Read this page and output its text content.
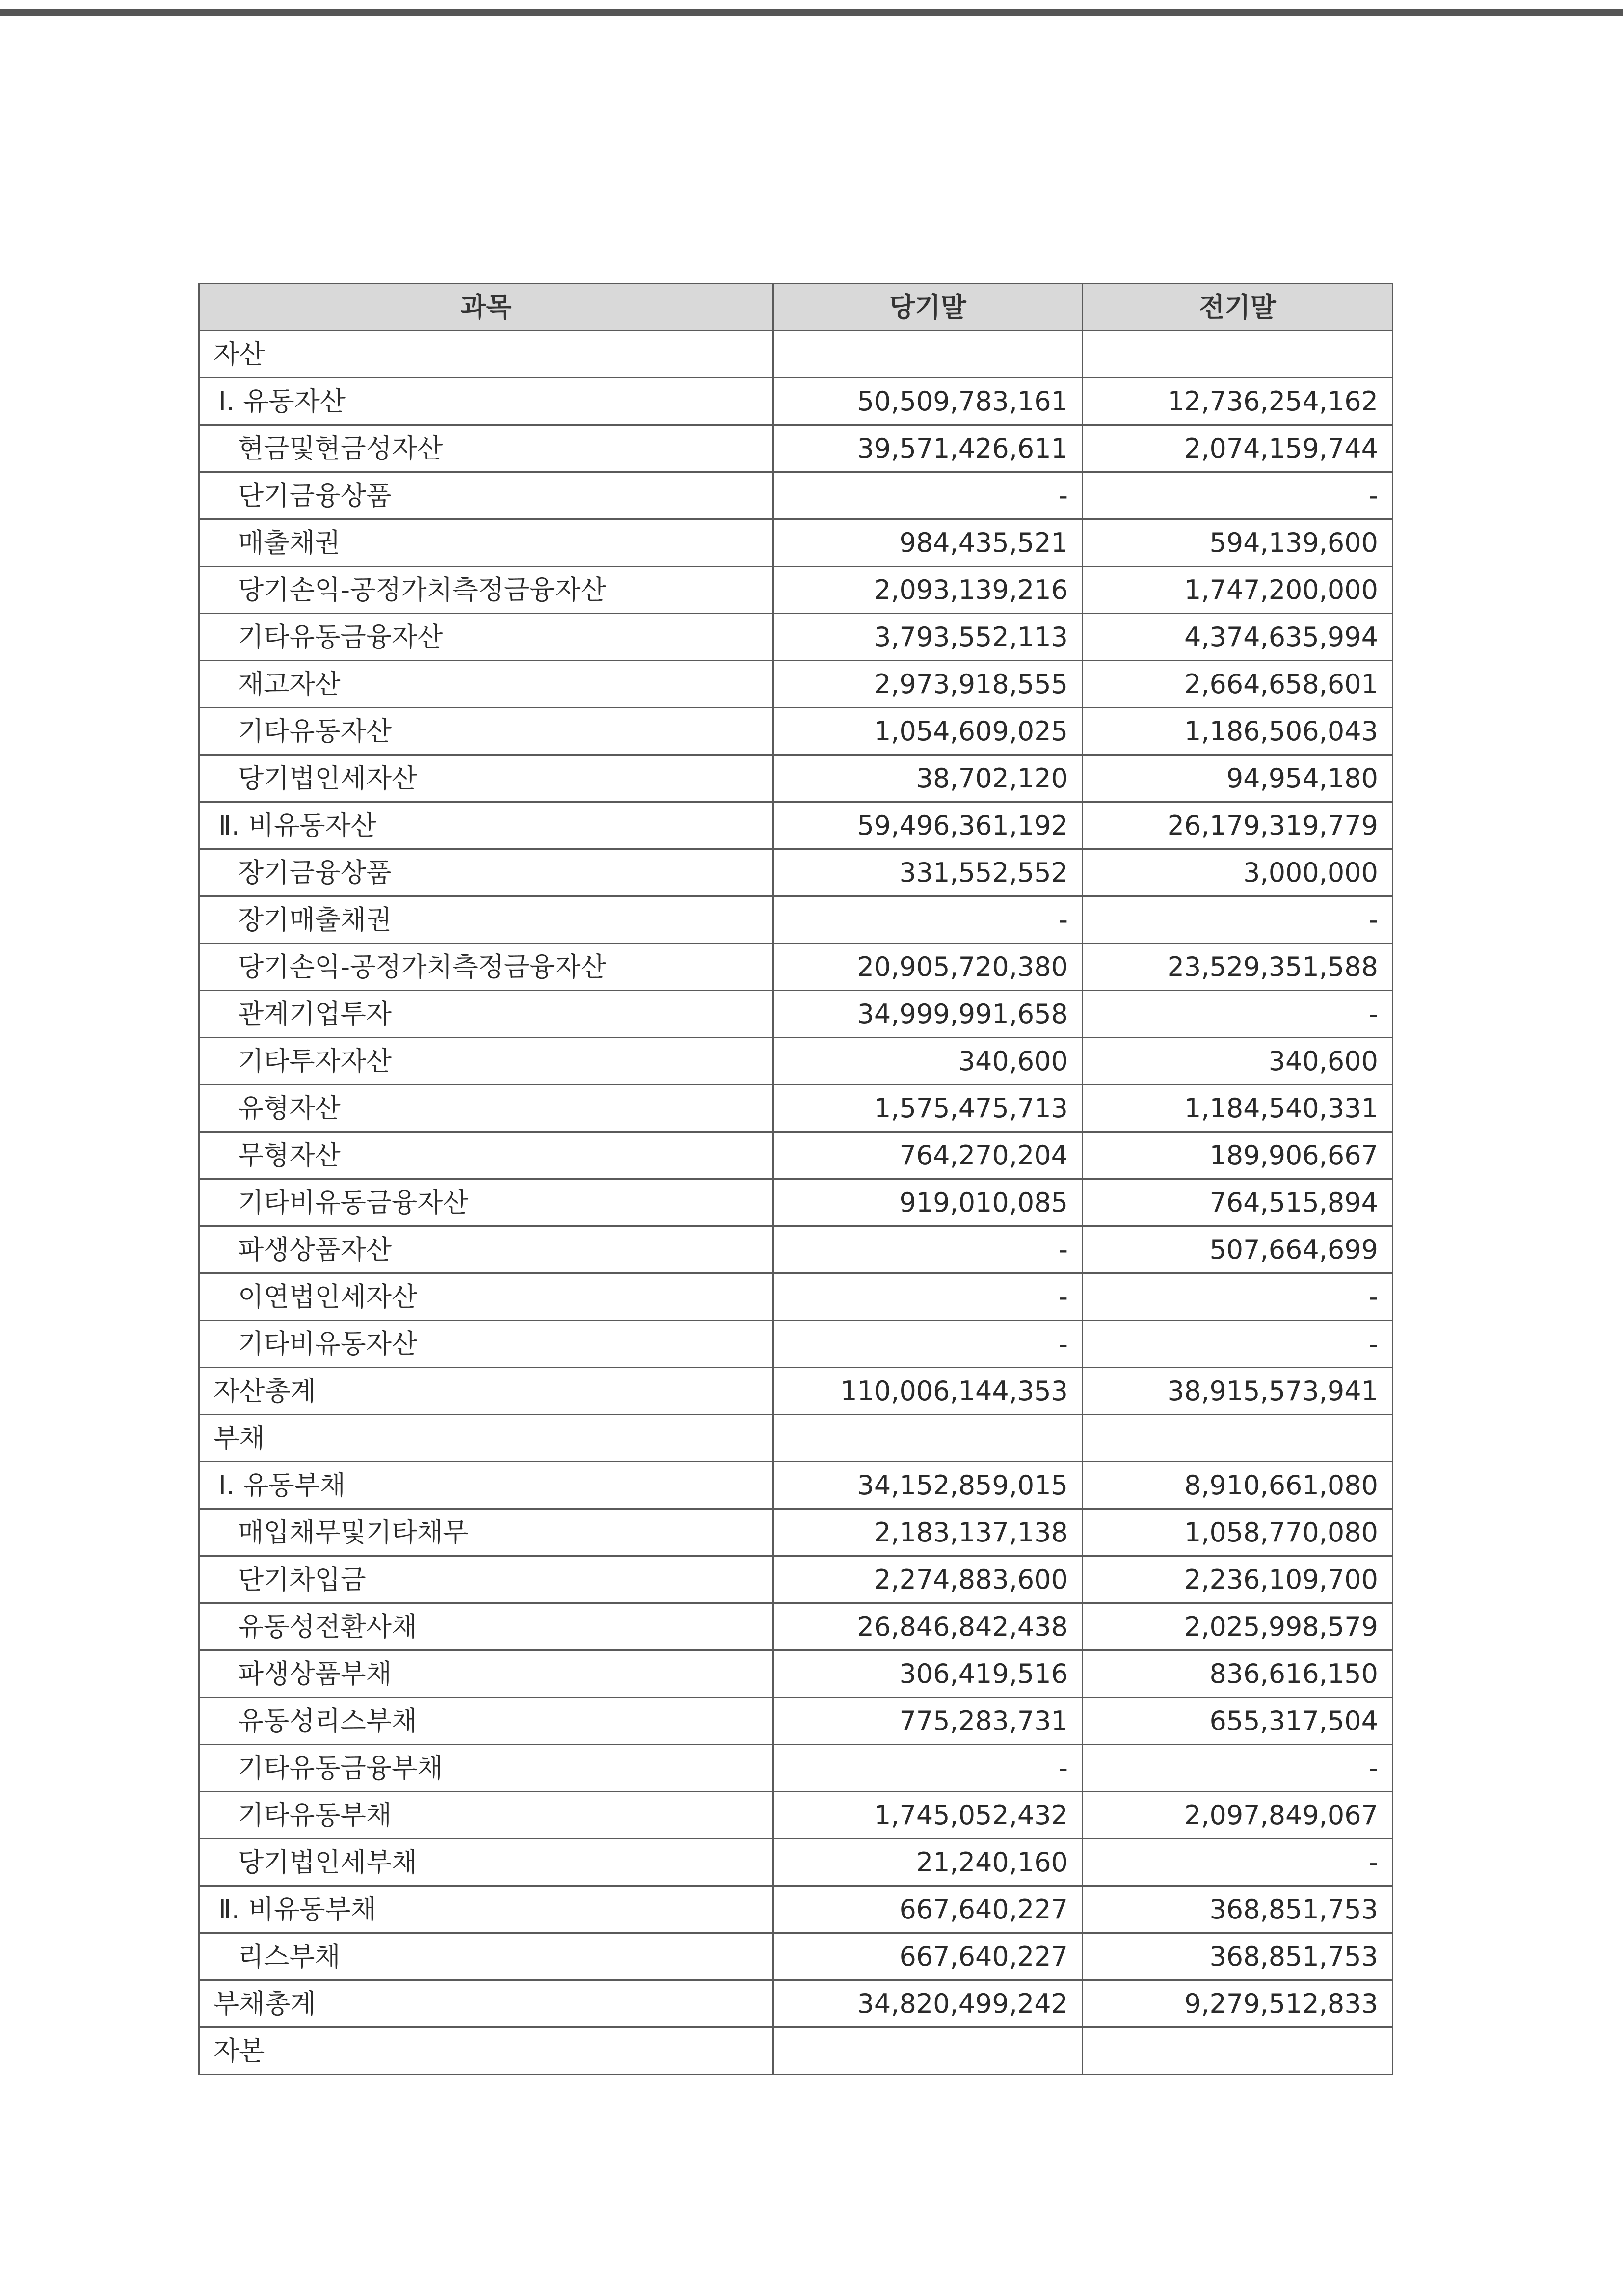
과목	당기말	전기말
자산		
Ⅰ. 유동자산	50,509,783,161	12,736,254,162
현금및현금성자산	39,571,426,611	2,074,159,744
단기금융상품	-	-
매출채권	984,435,521	594,139,600
당기손익-공정가치측정금융자산	2,093,139,216	1,747,200,000
기타유동금융자산	3,793,552,113	4,374,635,994
재고자산	2,973,918,555	2,664,658,601
기타유동자산	1,054,609,025	1,186,506,043
당기법인세자산	38,702,120	94,954,180
Ⅱ. 비유동자산	59,496,361,192	26,179,319,779
장기금융상품	331,552,552	3,000,000
장기매출채권	-	-
당기손익-공정가치측정금융자산	20,905,720,380	23,529,351,588
관계기업투자	34,999,991,658	-
기타투자자산	340,600	340,600
유형자산	1,575,475,713	1,184,540,331
무형자산	764,270,204	189,906,667
기타비유동금융자산	919,010,085	764,515,894
파생상품자산	-	507,664,699
이연법인세자산	-	-
기타비유동자산	-	-
자산총계	110,006,144,353	38,915,573,941
부채		
Ⅰ. 유동부채	34,152,859,015	8,910,661,080
매입채무및기타채무	2,183,137,138	1,058,770,080
단기차입금	2,274,883,600	2,236,109,700
유동성전환사채	26,846,842,438	2,025,998,579
파생상품부채	306,419,516	836,616,150
유동성리스부채	775,283,731	655,317,504
기타유동금융부채	-	-
기타유동부채	1,745,052,432	2,097,849,067
당기법인세부채	21,240,160	-
Ⅱ. 비유동부채	667,640,227	368,851,753
리스부채	667,640,227	368,851,753
부채총계	34,820,499,242	9,279,512,833
자본		
